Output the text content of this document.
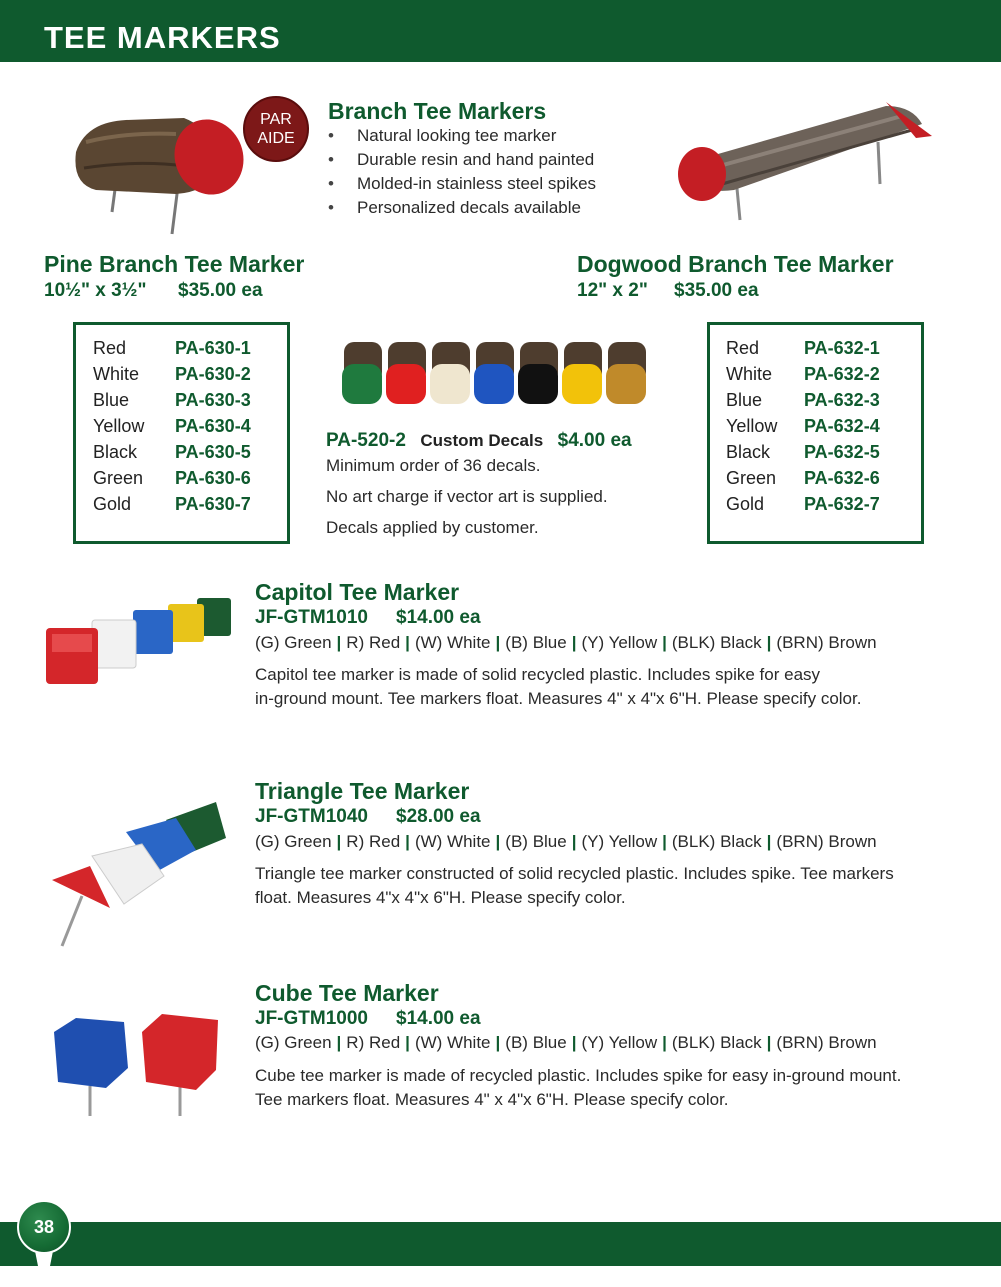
TEE MARKERS
PAR
AIDE
Branch Tee Markers
• Natural looking tee marker
• Durable resin and hand painted
• Molded-in stainless steel spikes
• Personalized decals available
Pine Branch Tee Marker
10½" x 3½" $35.00 ea
Dogwood Branch Tee Marker
12" x 2" $35.00 ea
Red	PA-630-1
White PA-630-2
Blue	PA-630-3
Yellow PA-630-4
Black PA-630-5
Green PA-630-6
Gold PA-630-7
Red PA-632-1
White PA-632-2
Blue PA-632-3
Yellow PA-632-4
Black PA-632-5
Green PA-632-6
Gold PA-632-7
PA-520-2 Custom Decals $4.00 ea
Minimum order of 36 decals.
No art charge if vector art is supplied.
Decals applied by customer.
Capitol Tee Marker
JF-GTM1010 $14.00 ea
(G) Green | R) Red | (W) White | (B) Blue | (Y) Yellow | (BLK) Black | (BRN) Brown
Capitol tee marker is made of solid recycled plastic. Includes spike for easy
in-ground mount. Tee markers float. Measures 4" x 4"x 6"H. Please specify color.
Triangle Tee Marker
JF-GTM1040 $28.00 ea
(G) Green | R) Red | (W) White | (B) Blue | (Y) Yellow | (BLK) Black | (BRN) Brown
Triangle tee marker constructed of solid recycled plastic. Includes spike. Tee markers
float. Measures 4"x 4"x 6"H. Please specify color.
Cube Tee Marker
JF-GTM1000 $14.00 ea
(G) Green | R) Red | (W) White | (B) Blue | (Y) Yellow | (BLK) Black | (BRN) Brown
Cube tee marker is made of recycled plastic. Includes spike for easy in-ground mount.
Tee markers float. Measures 4" x 4"x 6"H. Please specify color.
38
